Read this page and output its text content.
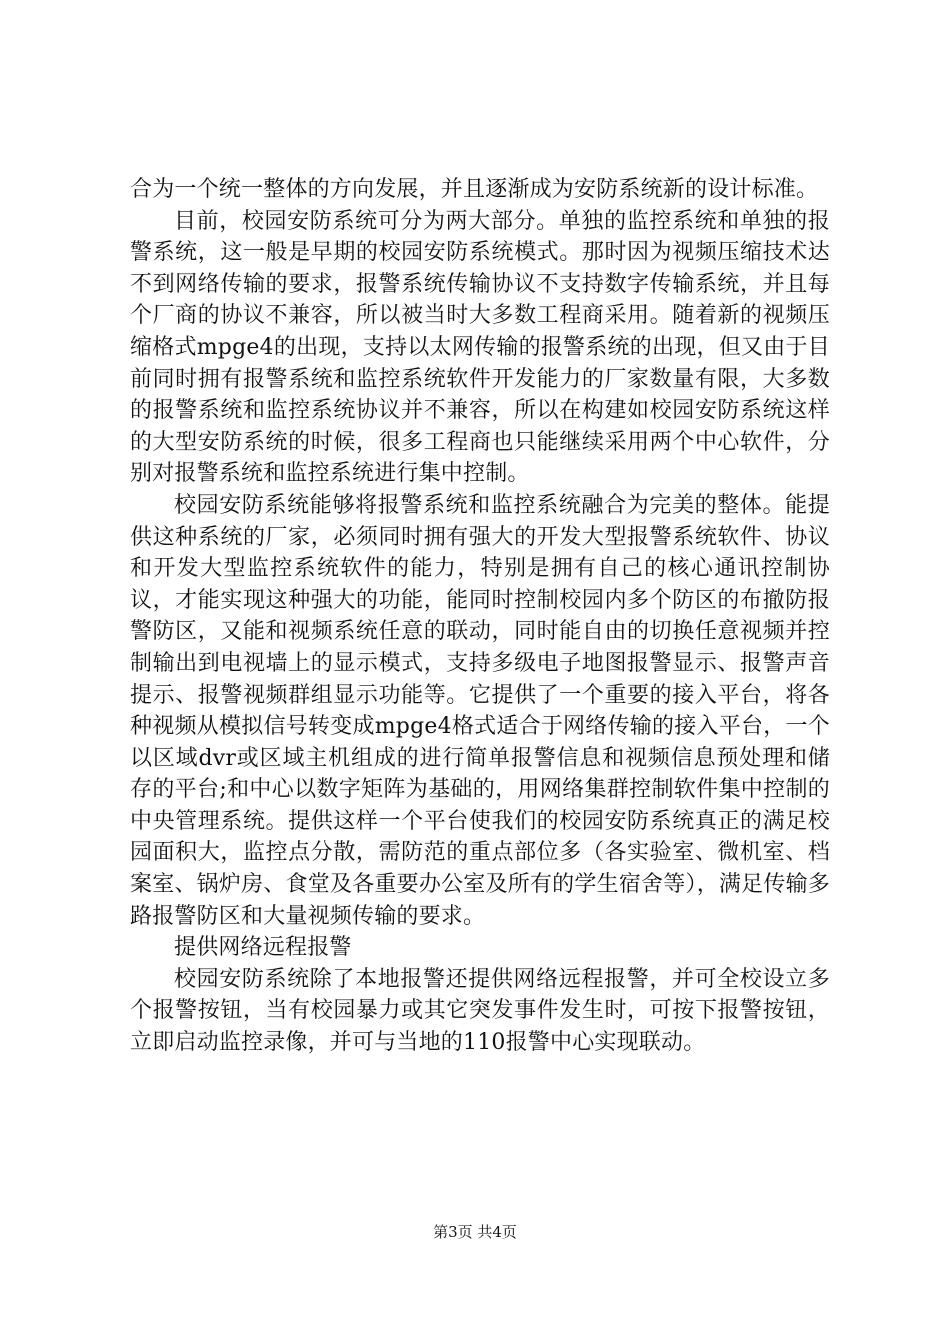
合为一个统一整体的方向发展，并且逐渐成为安防系统新的设计标准。

目前，校园安防系统可分为两大部分。单独的监控系统和单独的报警系统，这一般是早期的校园安防系统模式。那时因为视频压缩技术达不到网络传输的要求，报警系统传输协议不支持数字传输系统，并且每个厂商的协议不兼容，所以被当时大多数工程商采用。随着新的视频压缩格式mpge4的出现，支持以太网传输的报警系统的出现，但又由于目前同时拥有报警系统和监控系统软件开发能力的厂家数量有限，大多数的报警系统和监控系统协议并不兼容，所以在构建如校园安防系统这样的大型安防系统的时候，很多工程商也只能继续采用两个中心软件，分别对报警系统和监控系统进行集中控制。

校园安防系统能够将报警系统和监控系统融合为完美的整体。能提供这种系统的厂家，必须同时拥有强大的开发大型报警系统软件、协议和开发大型监控系统软件的能力，特别是拥有自己的核心通讯控制协议，才能实现这种强大的功能，能同时控制校园内多个防区的布撤防报警防区，又能和视频系统任意的联动，同时能自由的切换任意视频并控制输出到电视墙上的显示模式，支持多级电子地图报警显示、报警声音提示、报警视频群组显示功能等。它提供了一个重要的接入平台，将各种视频从模拟信号转变成mpge4格式适合于网络传输的接入平台，一个以区域dvr或区域主机组成的进行简单报警信息和视频信息预处理和储存的平台;和中心以数字矩阵为基础的，用网络集群控制软件集中控制的中央管理系统。提供这样一个平台使我们的校园安防系统真正的满足校园面积大，监控点分散，需防范的重点部位多（各实验室、微机室、档案室、锅炉房、食堂及各重要办公室及所有的学生宿舍等），满足传输多路报警防区和大量视频传输的要求。

提供网络远程报警

校园安防系统除了本地报警还提供网络远程报警，并可全校设立多个报警按钮，当有校园暴力或其它突发事件发生时，可按下报警按钮，立即启动监控录像，并可与当地的110报警中心实现联动。

第3页 共4页
